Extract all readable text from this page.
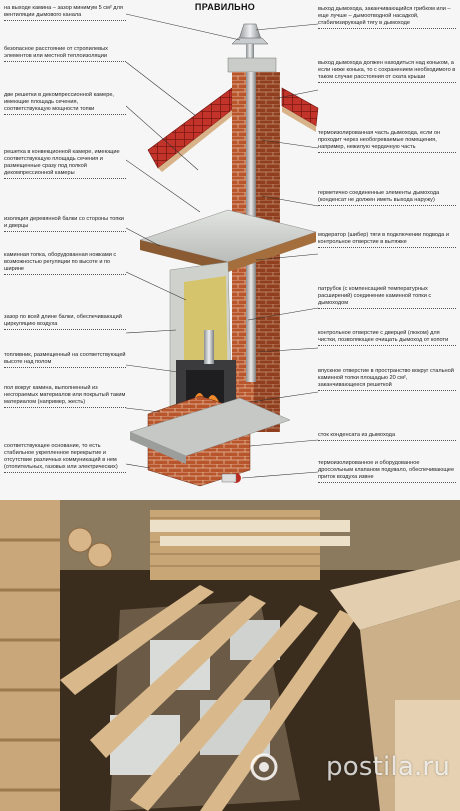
ПРАВИЛЬНО
на выходе камина – зазор минимум 5 см² для вентиляции дымового канала
безопасное расстояние от стропилевых элементов или местной теплоизоляции
две решетки в декомпрессионной камере, имеющие площадь сечения, соответствующую мощности топки
решетка в конвекционной камере, имеющие соответствующую площадь сечения и размещенные сразу под полкой декомпрессионной камеры
изоляция деревянной балки со стороны топки и дверцы
каминная топка, оборудованная ножками с возможностью регуляции по высоте и по ширине
зазор по всей длине балки, обеспечивающий циркуляцию воздуха
топливник, размещенный на соответствующей высоте над полом
пол вокруг камина, выполненный из несгораемых материалов или покрытый таким материалом (например, жесть)
соответствующее основание, то есть стабильное укрепленное перекрытие и отсутствие различных коммуникаций в нем (отопительных, газовых или электрических)
выход дымохода, заканчивающийся грибком или – еще лучше – дымоотводной насадкой, стабилизирующей тягу в дымоходе
выход дымохода должен находиться над коньком, а если ниже конька, то с сохранением необходимого в таком случае расстояния от ската крыши
термоизолированная часть дымохода, если он проходит через необогреваемые помещения, например, нежилую чердачную часть
герметично соединенные элементы дымохода (конденсат не должен иметь выхода наружу)
модератор (шибер) тяги в подключении подвода и контрольное отверстие в вытяжке
патрубок (с компенсацией температурных расширений) соединение каминной топки с дымоходом
контрольное отверстие с дверцей (люком) для чистки, позволяющее очищать дымоход от копоти
впускное отверстие в пространство вокруг стальной каминной топки площадью 20 см², заканчивающееся решеткой
сток конденсата из дымохода
термоизолированное и оборудованное дроссельным клапаном подувало, обеспечивающее приток воздуха извне
postila.ru
